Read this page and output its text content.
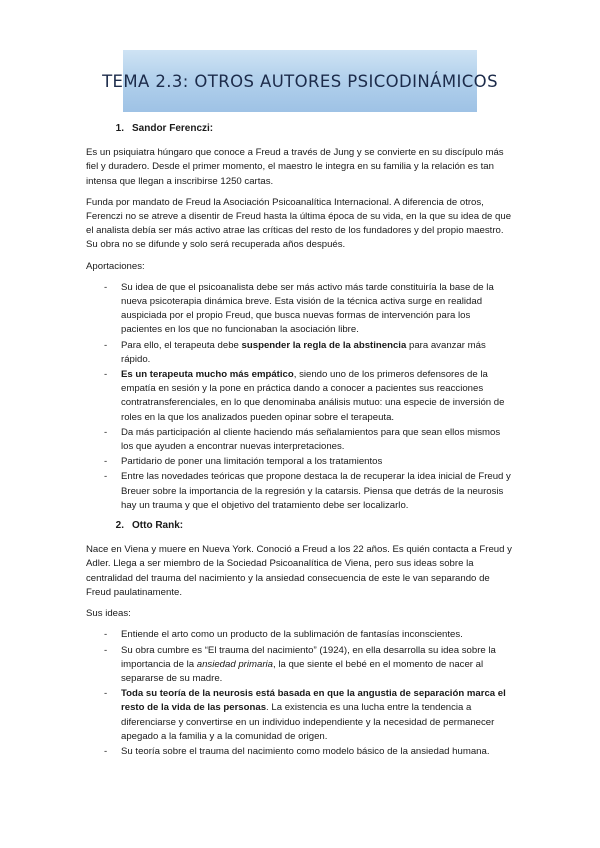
TEMA 2.3: OTROS AUTORES PSICODINÁMICOS
1. Sandor Ferenczi:

Es un psiquiatra húngaro que conoce a Freud a través de Jung y se convierte en su discípulo más fiel y duradero. Desde el primer momento, el maestro le integra en su familia y la relación es tan intensa que llegan a inscribirse 1250 cartas.

Funda por mandato de Freud la Asociación Psicoanalítica Internacional. A diferencia de otros, Ferenczi no se atreve a disentir de Freud hasta la última época de su vida, en la que su idea de que el analista debía ser más activo atrae las críticas del resto de los fundadores y del propio maestro. Su obra no se difunde y solo será recuperada años después.

Aportaciones:

- Su idea de que el psicoanalista debe ser más activo más tarde constituiría la base de la nueva psicoterapia dinámica breve. Esta visión de la técnica activa surge en realidad auspiciada por el propio Freud, que busca nuevas formas de intervención para los pacientes en los que no funcionaban la asociación libre.
- Para ello, el terapeuta debe suspender la regla de la abstinencia para avanzar más rápido.
- Es un terapeuta mucho más empático, siendo uno de los primeros defensores de la empatía en sesión y la pone en práctica dando a conocer a pacientes sus reacciones contratransferenciales, en lo que denominaba análisis mutuo: una especie de inversión de roles en la que los analizados pueden opinar sobre el terapeuta.
- Da más participación al cliente haciendo más señalamientos para que sean ellos mismos los que ayuden a encontrar nuevas interpretaciones.
- Partidario de poner una limitación temporal a los tratamientos
- Entre las novedades teóricas que propone destaca la de recuperar la idea inicial de Freud y Breuer sobre la importancia de la regresión y la catarsis. Piensa que detrás de la neurosis hay un trauma y que el objetivo del tratamiento debe ser localizarlo.
2. Otto Rank:

Nace en Viena y muere en Nueva York. Conoció a Freud a los 22 años. Es quién contacta a Freud y Adler. Llega a ser miembro de la Sociedad Psicoanalítica de Viena, pero sus ideas sobre la centralidad del trauma del nacimiento y la ansiedad consecuencia de este le van separando de Freud paulatinamente.

Sus ideas:

- Entiende el arto como un producto de la sublimación de fantasías inconscientes.
- Su obra cumbre es “El trauma del nacimiento” (1924), en ella desarrolla su idea sobre la importancia de la ansiedad primaria, la que siente el bebé en el momento de nacer al separarse de su madre.
- Toda su teoría de la neurosis está basada en que la angustia de separación marca el resto de la vida de las personas. La existencia es una lucha entre la tendencia a diferenciarse y convertirse en un individuo independiente y la necesidad de permanecer apegado a la familia y a la comunidad de origen.
- Su teoría sobre el trauma del nacimiento como modelo básico de la ansiedad humana.
